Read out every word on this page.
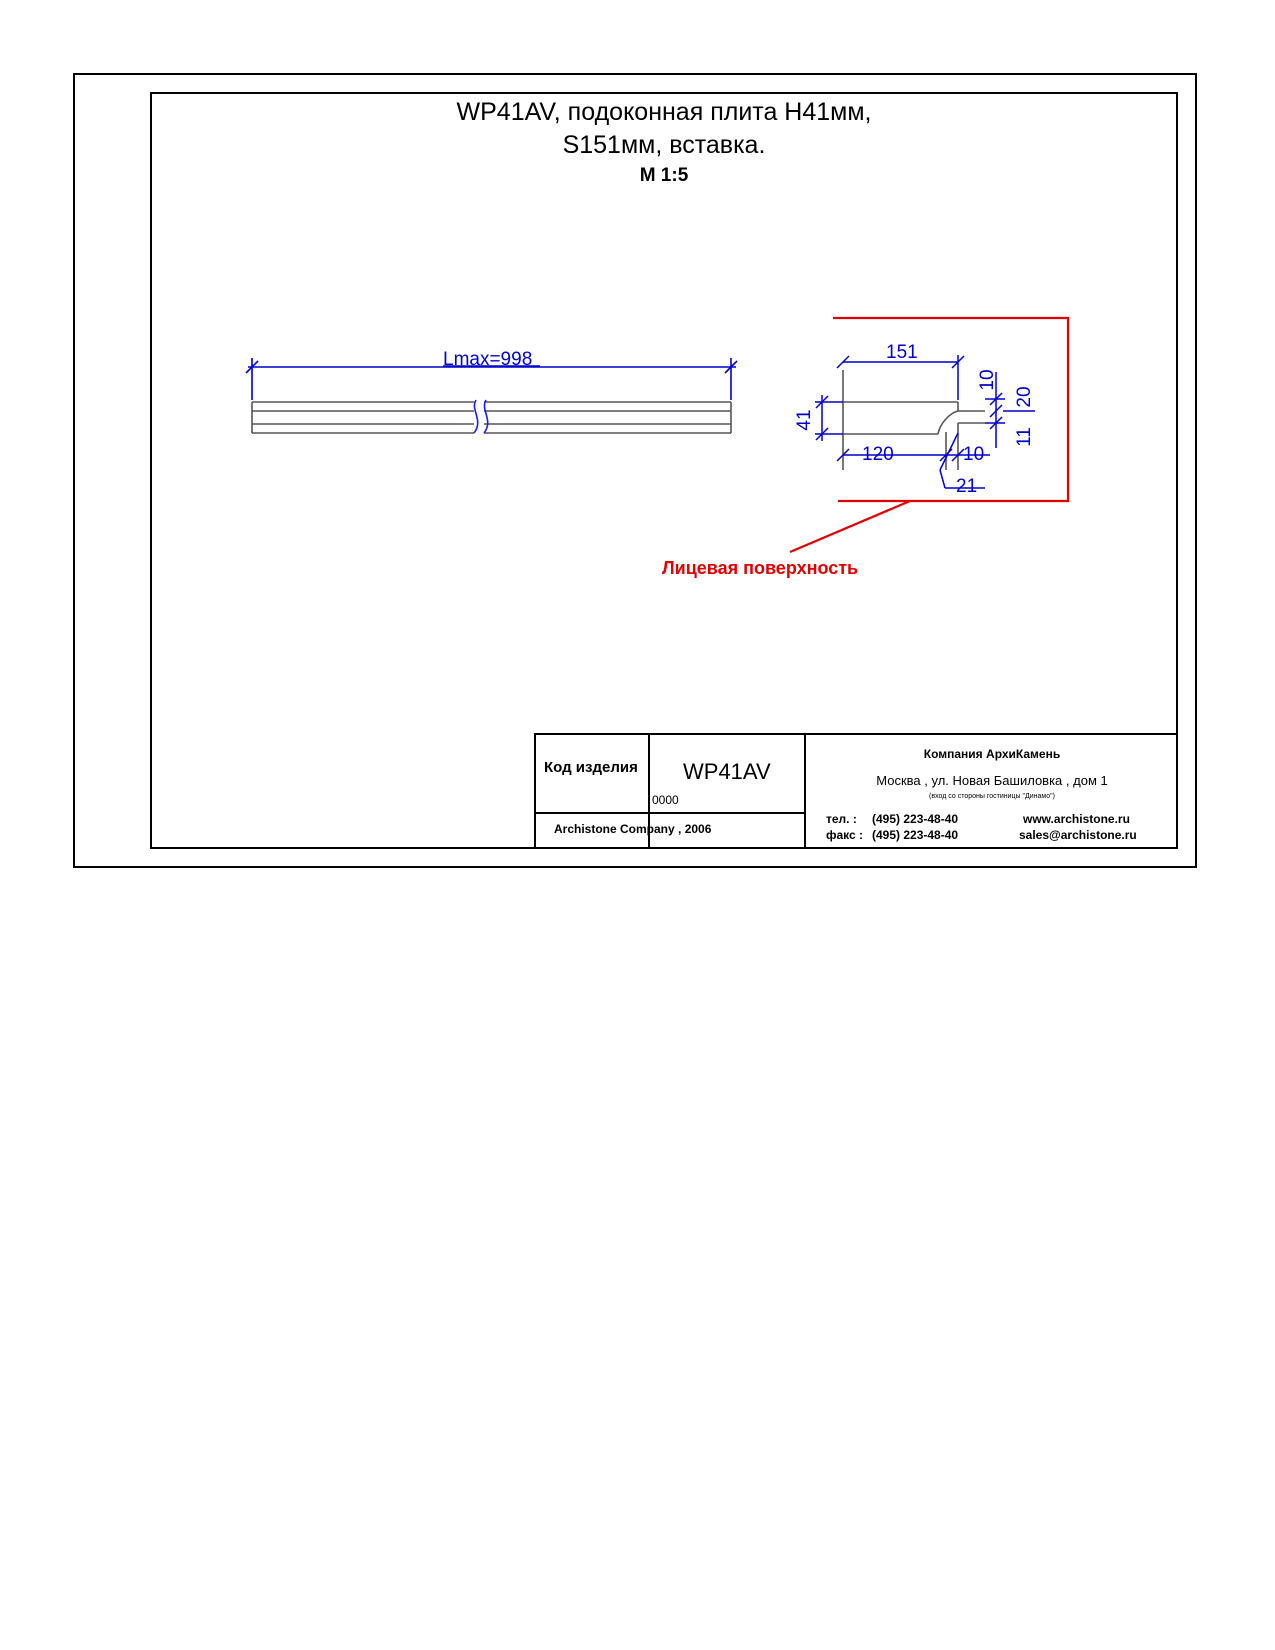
WP41AV, подоконная плита H41мм,
S151мм, вставка.
М 1:5
Lmax=998	151
41
120	10
21
10
20
11
Лицевая поверхность
Код изделия WP41AV
0000
Archistone Company , 2006
Компания АрхиКамень
Москва , ул. Новая Башиловка , дом 1
(вход со стороны гостиницы "Динамо")
тел. : (495) 223-48-40
факс : (495) 223-48-40
www.archistone.ru
sales@archistone.ru
